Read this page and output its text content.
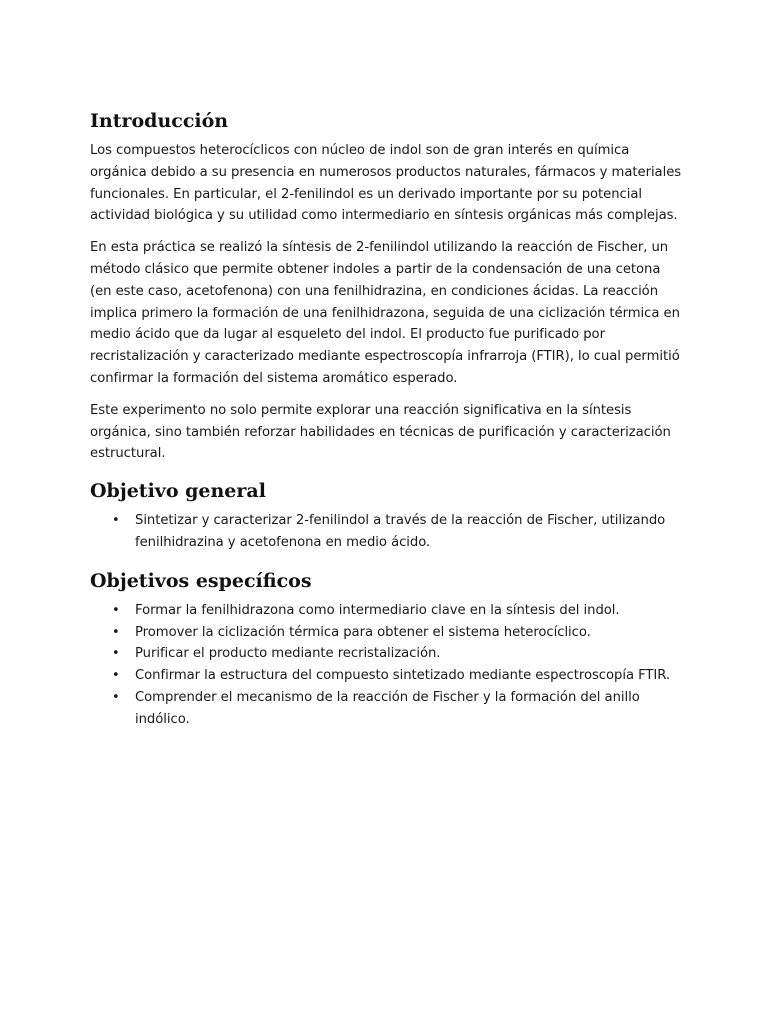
Introducción

Los compuestos heterocíclicos con núcleo de indol son de gran interés en química orgánica debido a su presencia en numerosos productos naturales, fármacos y materiales funcionales. En particular, el 2-fenilindol es un derivado importante por su potencial actividad biológica y su utilidad como intermediario en síntesis orgánicas más complejas.

En esta práctica se realizó la síntesis de 2-fenilindol utilizando la reacción de Fischer, un método clásico que permite obtener indoles a partir de la condensación de una cetona (en este caso, acetofenona) con una fenilhidrazina, en condiciones ácidas. La reacción implica primero la formación de una fenilhidrazona, seguida de una ciclización térmica en medio ácido que da lugar al esqueleto del indol. El producto fue purificado por recristalización y caracterizado mediante espectroscopía infrarroja (FTIR), lo cual permitió confirmar la formación del sistema aromático esperado.

Este experimento no solo permite explorar una reacción significativa en la síntesis orgánica, sino también reforzar habilidades en técnicas de purificación y caracterización estructural.

Objetivo general
• Sintetizar y caracterizar 2-fenilindol a través de la reacción de Fischer, utilizando fenilhidrazina y acetofenona en medio ácido.
Objetivos específicos
• Formar la fenilhidrazona como intermediario clave en la síntesis del indol.
• Promover la ciclización térmica para obtener el sistema heterocíclico.
• Purificar el producto mediante recristalización.
• Confirmar la estructura del compuesto sintetizado mediante espectroscopía FTIR.
• Comprender el mecanismo de la reacción de Fischer y la formación del anillo indólico.
